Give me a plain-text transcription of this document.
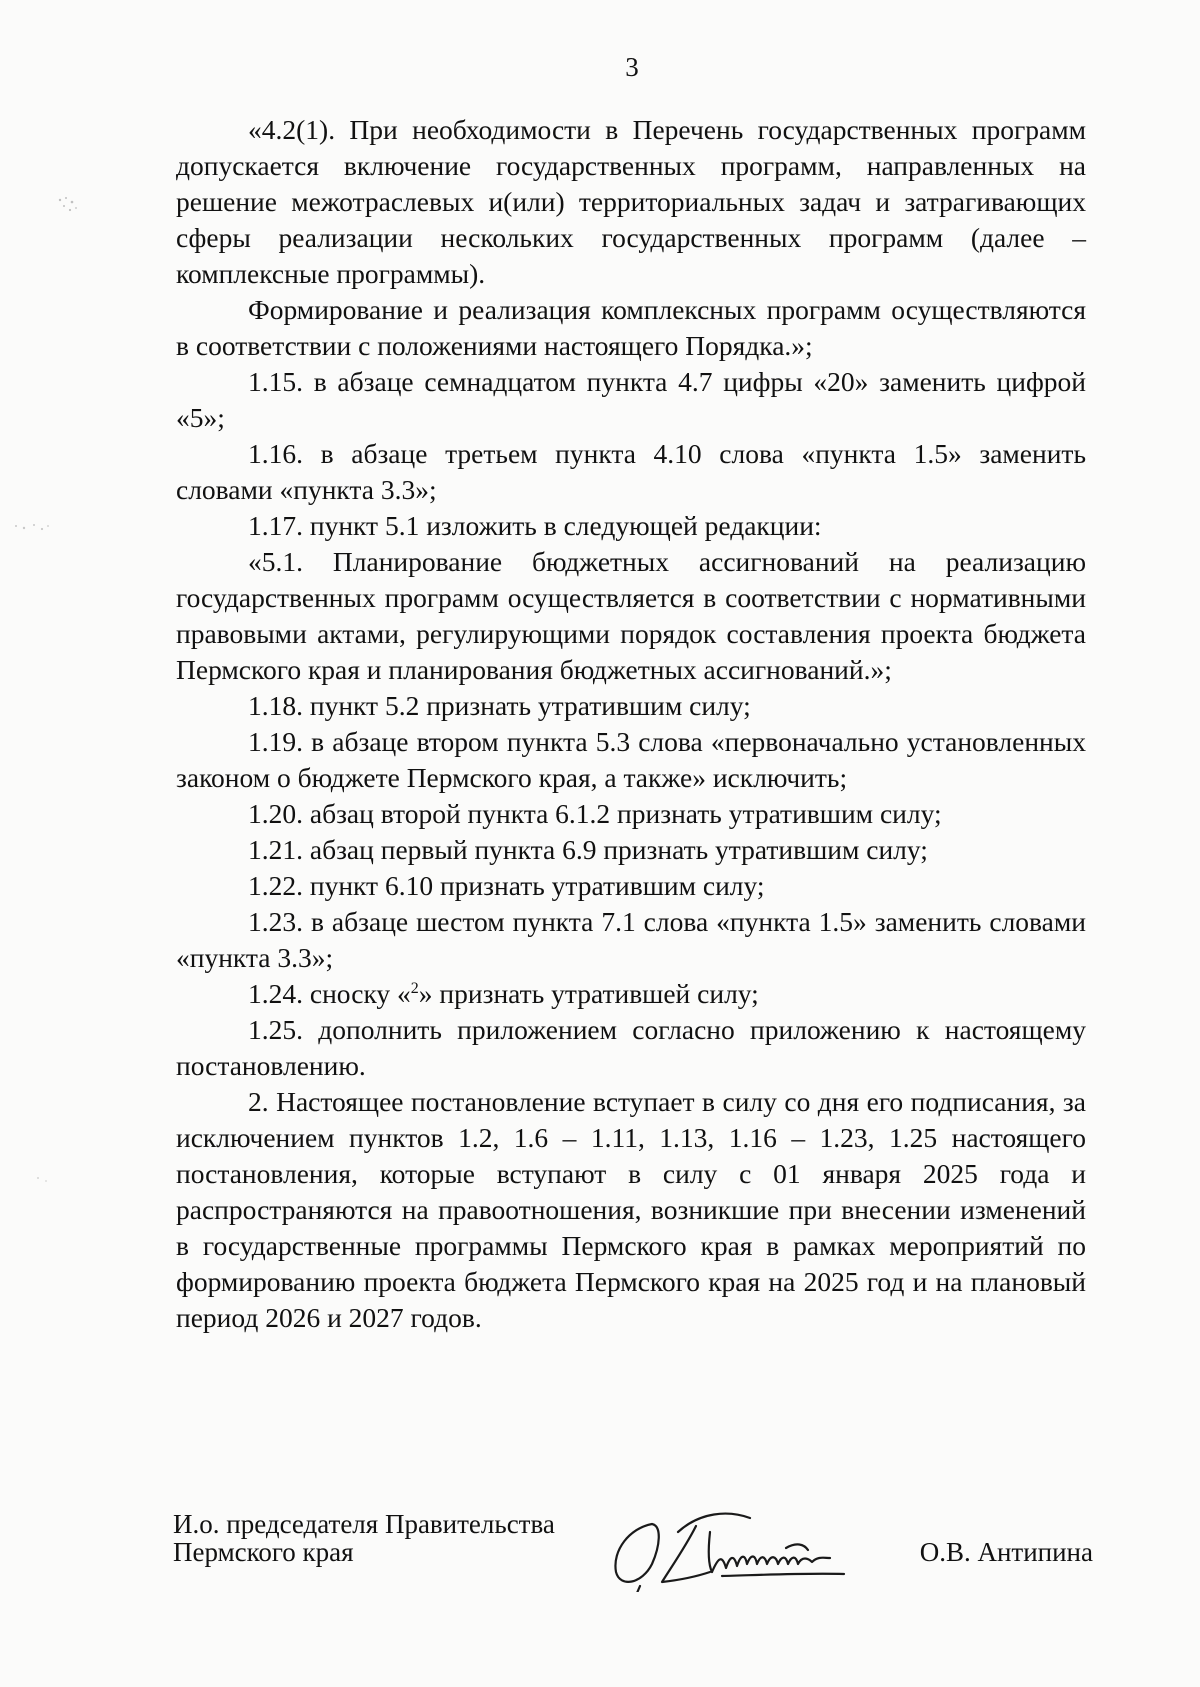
3

«4.2(1). При необходимости в Перечень государственных программ допускается включение государственных программ, направленных на решение межотраслевых и(или) территориальных задач и затрагивающих сферы реализации нескольких государственных программ (далее – комплексные программы).

Формирование и реализация комплексных программ осуществляются в соответствии с положениями настоящего Порядка.»;

1.15. в абзаце семнадцатом пункта 4.7 цифры «20» заменить цифрой «5»;

1.16. в абзаце третьем пункта 4.10 слова «пункта 1.5» заменить словами «пункта 3.3»;

1.17. пункт 5.1 изложить в следующей редакции:

«5.1. Планирование бюджетных ассигнований на реализацию государственных программ осуществляется в соответствии с нормативными правовыми актами, регулирующими порядок составления проекта бюджета Пермского края и планирования бюджетных ассигнований.»;

1.18. пункт 5.2 признать утратившим силу;

1.19. в абзаце втором пункта 5.3 слова «первоначально установленных законом о бюджете Пермского края, а также» исключить;

1.20. абзац второй пункта 6.1.2 признать утратившим силу;

1.21. абзац первый пункта 6.9 признать утратившим силу;

1.22. пункт 6.10 признать утратившим силу;

1.23. в абзаце шестом пункта 7.1 слова «пункта 1.5» заменить словами «пункта 3.3»;

1.24. сноску «$^2$» признать утратившей силу;

1.25. дополнить приложением согласно приложению к настоящему постановлению.

2. Настоящее постановление вступает в силу со дня его подписания, за исключением пунктов 1.2, 1.6 – 1.11, 1.13, 1.16 – 1.23, 1.25 настоящего постановления, которые вступают в силу с 01 января 2025 года и распространяются на правоотношения, возникшие при внесении изменений в государственные программы Пермского края в рамках мероприятий по формированию проекта бюджета Пермского края на 2025 год и на плановый период 2026 и 2027 годов.

И.о. председателя Правительства
Пермского края	О.В. Антипина
